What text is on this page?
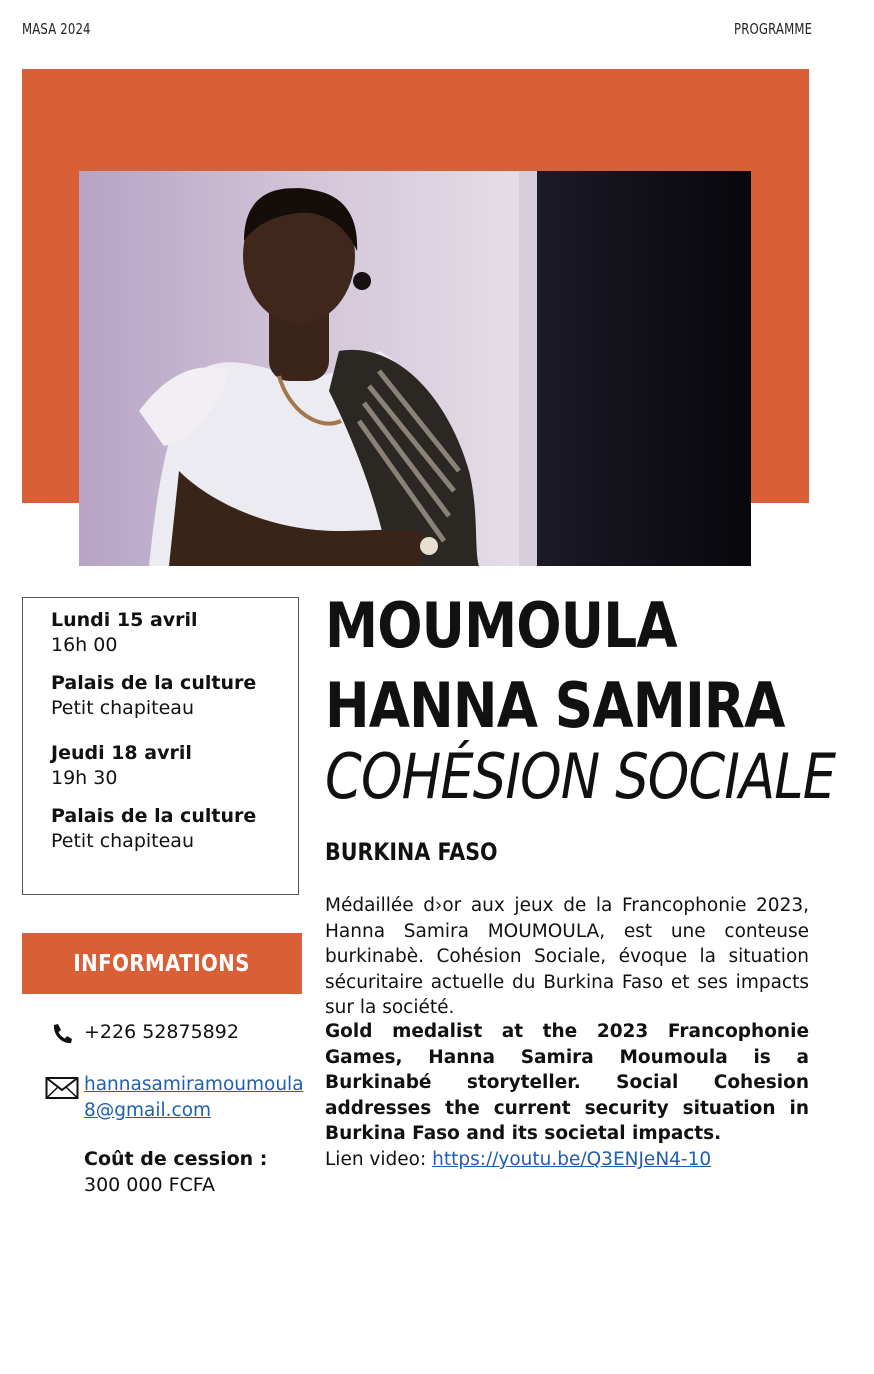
MASA 2024	PROGRAMME
Lundi 15 avril
16h 00
Palais de la culture
Petit chapiteau
Jeudi 18 avril
19h 30
Palais de la culture
Petit chapiteau
INFORMATIONS
+226 52875892
hannasamiramoumoula8@gmail.com
Coût de cession :
300 000 FCFA
MOUMOULA
HANNA SAMIRA
COHÉSION SOCIALE
BURKINA FASO

Médaillée d›or aux jeux de la Francophonie 2023, Hanna Samira MOUMOULA, est une conteuse burkinabè. Cohésion Sociale, évoque la situation sécuritaire actuelle du Burkina Faso et ses impacts sur la société.

Gold medalist at the 2023 Francophonie Games, Hanna Samira Moumoula is a Burkinabé storyteller. Social Cohesion addresses the current security situation in Burkina Faso and its societal impacts.

Lien video: https://youtu.be/Q3ENJeN4-10
